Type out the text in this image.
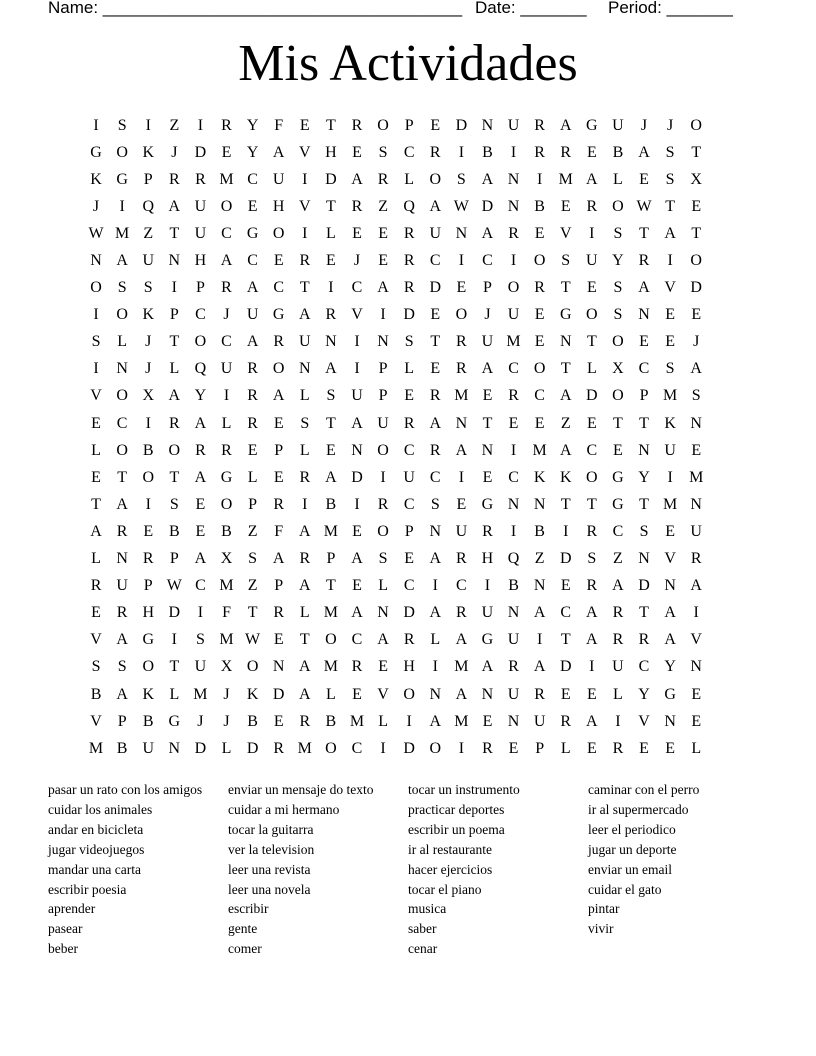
Name: ______________________________________ Date: _______ Period: _______
Mis Actividades
I	S	I	Z	I	R	Y	F	E	T	R	O	P	E	D	N	U	R	A	G	U	J	J	O
G	O	K	J	D	E	Y	A	V	H	E	S	C	R	I	B	I	R	R	E	B	A	S	T
K	G	P	R	R	M	C	U	I	D	A	R	L	O	S	A	N	I	M	A	L	E	S	X
J	I	Q	A	U	O	E	H	V	T	R	Z	Q	A	W	D	N	B	E	R	O	W	T	E
W	M	Z	T	U	C	G	O	I	L	E	E	R	U	N	A	R	E	V	I	S	T	A	T
N	A	U	N	H	A	C	E	R	E	J	E	R	C	I	C	I	O	S	U	Y	R	I	O
O	S	S	I	P	R	A	C	T	I	C	A	R	D	E	P	O	R	T	E	S	A	V	D
I	O	K	P	C	J	U	G	A	R	V	I	D	E	O	J	U	E	G	O	S	N	E	E
S	L	J	T	O	C	A	R	U	N	I	N	S	T	R	U	M	E	N	T	O	E	E	J
I	N	J	L	Q	U	R	O	N	A	I	P	L	E	R	A	C	O	T	L	X	C	S	A
V	O	X	A	Y	I	R	A	L	S	U	P	E	R	M	E	R	C	A	D	O	P	M	S
E	C	I	R	A	L	R	E	S	T	A	U	R	A	N	T	E	E	Z	E	T	T	K	N
L	O	B	O	R	R	E	P	L	E	N	O	C	R	A	N	I	M	A	C	E	N	U	E
E	T	O	T	A	G	L	E	R	A	D	I	U	C	I	E	C	K	K	O	G	Y	I	M
T	A	I	S	E	O	P	R	I	B	I	R	C	S	E	G	N	N	T	T	G	T	M	N
A	R	E	B	E	B	Z	F	A	M	E	O	P	N	U	R	I	B	I	R	C	S	E	U
L	N	R	P	A	X	S	A	R	P	A	S	E	A	R	H	Q	Z	D	S	Z	N	V	R
R	U	P	W	C	M	Z	P	A	T	E	L	C	I	C	I	B	N	E	R	A	D	N	A
E	R	H	D	I	F	T	R	L	M	A	N	D	A	R	U	N	A	C	A	R	T	A	I
V	A	G	I	S	M	W	E	T	O	C	A	R	L	A	G	U	I	T	A	R	R	A	V
S	S	O	T	U	X	O	N	A	M	R	E	H	I	M	A	R	A	D	I	U	C	Y	N
B	A	K	L	M	J	K	D	A	L	E	V	O	N	A	N	U	R	E	E	L	Y	G	E
V	P	B	G	J	J	B	E	R	B	M	L	I	A	M	E	N	U	R	A	I	V	N	E
M	B	U	N	D	L	D	R	M	O	C	I	D	O	I	R	E	P	L	E	R	E	E	L
pasar un rato con los amigos
cuidar los animales
andar en bicicleta
jugar videojuegos
mandar una carta
escribir poesia
aprender
pasear
beber
enviar un mensaje do texto
cuidar a mi hermano
tocar la guitarra
ver la television
leer una revista
leer una novela
escribir
gente
comer
tocar un instrumento
practicar deportes
escribir un poema
ir al restaurante
hacer ejercicios
tocar el piano
musica
saber
cenar
caminar con el perro
ir al supermercado
leer el periodico
jugar un deporte
enviar un email
cuidar el gato
pintar
vivir
